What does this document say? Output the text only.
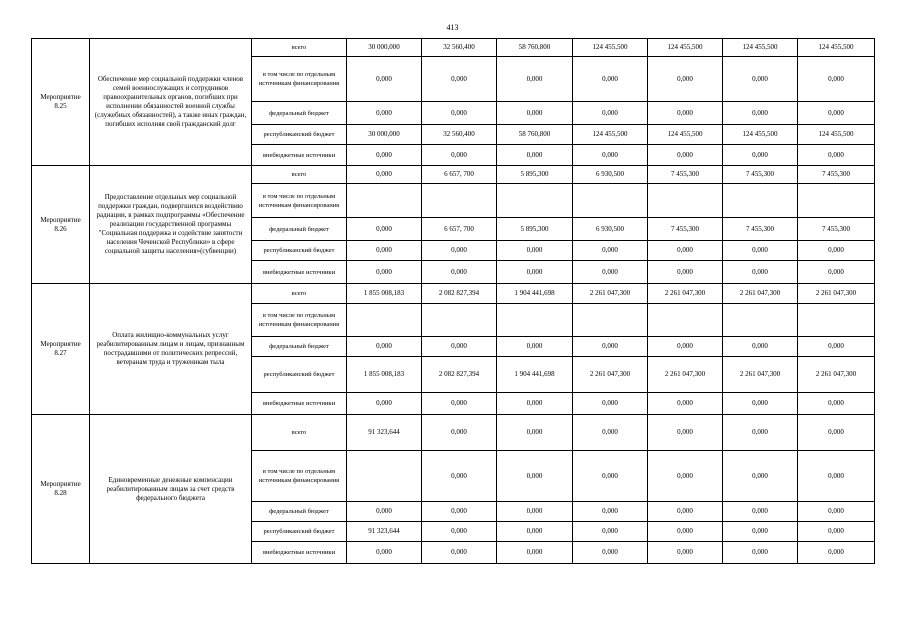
413
Мероприятие 8.25	Обеспечение мер социальной поддержки членов семей военнослужащих и сотрудников правоохранительных органов, погибших при исполнении обязанностей военной службы (служебных обязанностей), а также иных граждан, погибших исполняя свой гражданский долг	всего	30 000,000	32 560,400	58 760,800	124 455,500	124 455,500	124 455,500	124 455,500
		в том числе по отдельным источникам финансирования	0,000	0,000	0,000	0,000	0,000	0,000	0,000
		федеральный бюджет	0,000	0,000	0,000	0,000	0,000	0,000	0,000
		республиканский бюджет	30 000,000	32 560,400	58 760,800	124 455,500	124 455,500	124 455,500	124 455,500
		внебюджетные источники	0,000	0,000	0,000	0,000	0,000	0,000	0,000
Мероприятие 8.26	Предоставление отдельных мер социальной поддержки граждан, подвергшихся воздействию радиации, в рамках подпрограммы «Обеспечение реализации государственной программы "Социальная поддержка и содействие занятости населения Чеченской Республики» в сфере социальной защиты населения»(субвенции)	всего	0,000	6 657, 700	5 895,300	6 930,500	7 455,300	7 455,300	7 455,300
		в том числе по отдельным источникам финансирования							
		федеральный бюджет	0,000	6 657, 700	5 895,300	6 930,500	7 455,300	7 455,300	7 455,300
		республиканский бюджет	0,000	0,000	0,000	0,000	0,000	0,000	0,000
		внебюджетные источники	0,000	0,000	0,000	0,000	0,000	0,000	0,000
Мероприятие 8.27	Оплата жилищно-коммунальных услуг реабилитированным лицам и лицам, признанным пострадавшими от политических репрессий, ветеранам труда и труженикам тыла	всего	1 855 008,183	2 082 827,394	1 904 441,698	2 261 047,300	2 261 047,300	2 261 047,300	2 261 047,300
		в том числе по отдельным источникам финансирования							
		федеральный бюджет	0,000	0,000	0,000	0,000	0,000	0,000	0,000
		республиканский бюджет	1 855 008,183	2 082 827,394	1 904 441,698	2 261 047,300	2 261 047,300	2 261 047,300	2 261 047,300
		внебюджетные источники	0,000	0,000	0,000	0,000	0,000	0,000	0,000
Мероприятие 8.28	Единовременные денежные компенсации реабилитированным лицам за счет средств федерального бюджета	всего	91 323,644	0,000	0,000	0,000	0,000	0,000	0,000
		в том числе по отдельным источникам финансирования		0,000	0,000	0,000	0,000	0,000	0,000
		федеральный бюджет	0,000	0,000	0,000	0,000	0,000	0,000	0,000
		республиканский бюджет	91 323,644	0,000	0,000	0,000	0,000	0,000	0,000
		внебюджетные источники	0,000	0,000	0,000	0,000	0,000	0,000	0,000
